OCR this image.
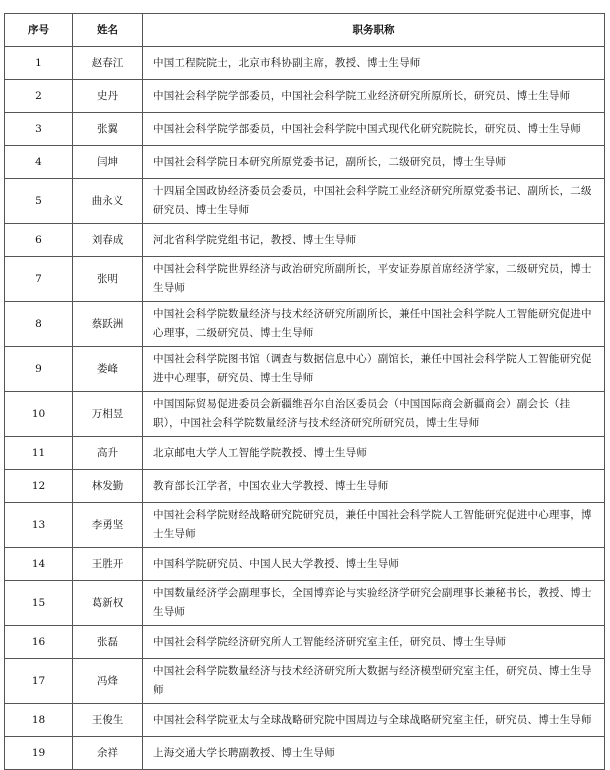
序号	姓名	职务职称
1	赵春江	中国工程院院士，北京市科协副主席，教授、博士生导师
2	史丹	中国社会科学院学部委员，中国社会科学院工业经济研究所原所长，研究员、博士生导师
3	张翼	中国社会科学院学部委员，中国社会科学院中国式现代化研究院院长，研究员、博士生导师
4	闫坤	中国社会科学院日本研究所原党委书记，副所长，二级研究员，博士生导师
5	曲永义	十四届全国政协经济委员会委员，中国社会科学院工业经济研究所原党委书记、副所长，二级研究员、博士生导师
6	刘春成	河北省科学院党组书记，教授、博士生导师
7	张明	中国社会科学院世界经济与政治研究所副所长，平安证券原首席经济学家，二级研究员，博士生导师
8	蔡跃洲	中国社会科学院数量经济与技术经济研究所副所长，兼任中国社会科学院人工智能研究促进中心理事，二级研究员、博士生导师
9	娄峰	中国社会科学院图书馆（调查与数据信息中心）副馆长，兼任中国社会科学院人工智能研究促进中心理事，研究员、博士生导师
10	万相昱	中国国际贸易促进委员会新疆维吾尔自治区委员会（中国国际商会新疆商会）副会长（挂职），中国社会科学院数量经济与技术经济研究所研究员，博士生导师
11	高升	北京邮电大学人工智能学院教授、博士生导师
12	林发勤	教育部长江学者，中国农业大学教授、博士生导师
13	李勇坚	中国社会科学院财经战略研究院研究员，兼任中国社会科学院人工智能研究促进中心理事，博士生导师
14	王胜开	中国科学院研究员、中国人民大学教授、博士生导师
15	葛新权	中国数量经济学会副理事长，全国博弈论与实验经济学研究会副理事长兼秘书长，教授、博士生导师
16	张磊	中国社会科学院经济研究所人工智能经济研究室主任，研究员、博士生导师
17	冯烽	中国社会科学院数量经济与技术经济研究所大数据与经济模型研究室主任，研究员、博士生导师
18	王俊生	中国社会科学院亚太与全球战略研究院中国周边与全球战略研究室主任，研究员、博士生导师
19	余祥	上海交通大学长聘副教授、博士生导师
